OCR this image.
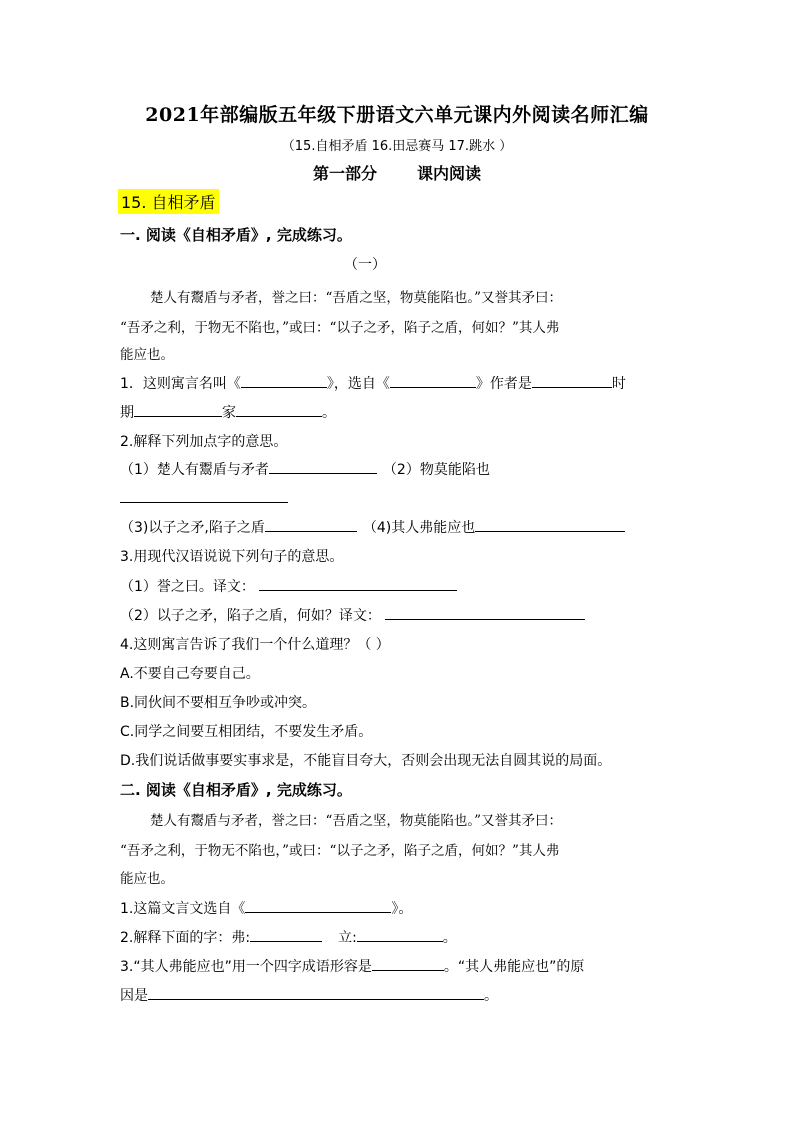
2021年部编版五年级下册语文六单元课内外阅读名师汇编
（15.自相矛盾 16.田忌赛马 17.跳水 ）
第一部分	课内阅读
15. 自相矛盾
一. 阅读《自相矛盾》, 完成练习。
（一）
楚人有鬻盾与矛者，誉之曰：“吾盾之坚，物莫能陷也。”又誉其矛曰：
“吾矛之利，于物无不陷也，”或曰：“以子之矛，陷子之盾，何如？”其人弗
能应也。
1．这则寓言名叫《	》，选自《	》作者是	时
期	家	。
2.解释下列加点字的意思。
（1）楚人有鬻盾与矛者	（2）物莫能陷也
（3)以子之矛,陷子之盾	（4)其人弗能应也
3.用现代汉语说说下列句子的意思。
（1）誉之曰。译文：
（2）以子之矛，陷子之盾，何如？译文：
4.这则寓言告诉了我们一个什么道理？（ ）
A.不要自己夸要自己。
B.同伙间不要相互争吵或冲突。
C.同学之间要互相团结，不要发生矛盾。
D.我们说话做事要实事求是，不能盲目夸大，否则会出现无法自圆其说的局面。
二. 阅读《自相矛盾》, 完成练习。
楚人有鬻盾与矛者，誉之曰：“吾盾之坚，物莫能陷也。”又誉其矛曰：
“吾矛之利，于物无不陷也，”或曰：“以子之矛，陷子之盾，何如？”其人弗
能应也。
1.这篇文言文选自《	》。
2.解释下面的字：弗:	立:	。
3.“其人弗能应也”用一个四字成语形容是	。“其人弗能应也”的原
因是	。
